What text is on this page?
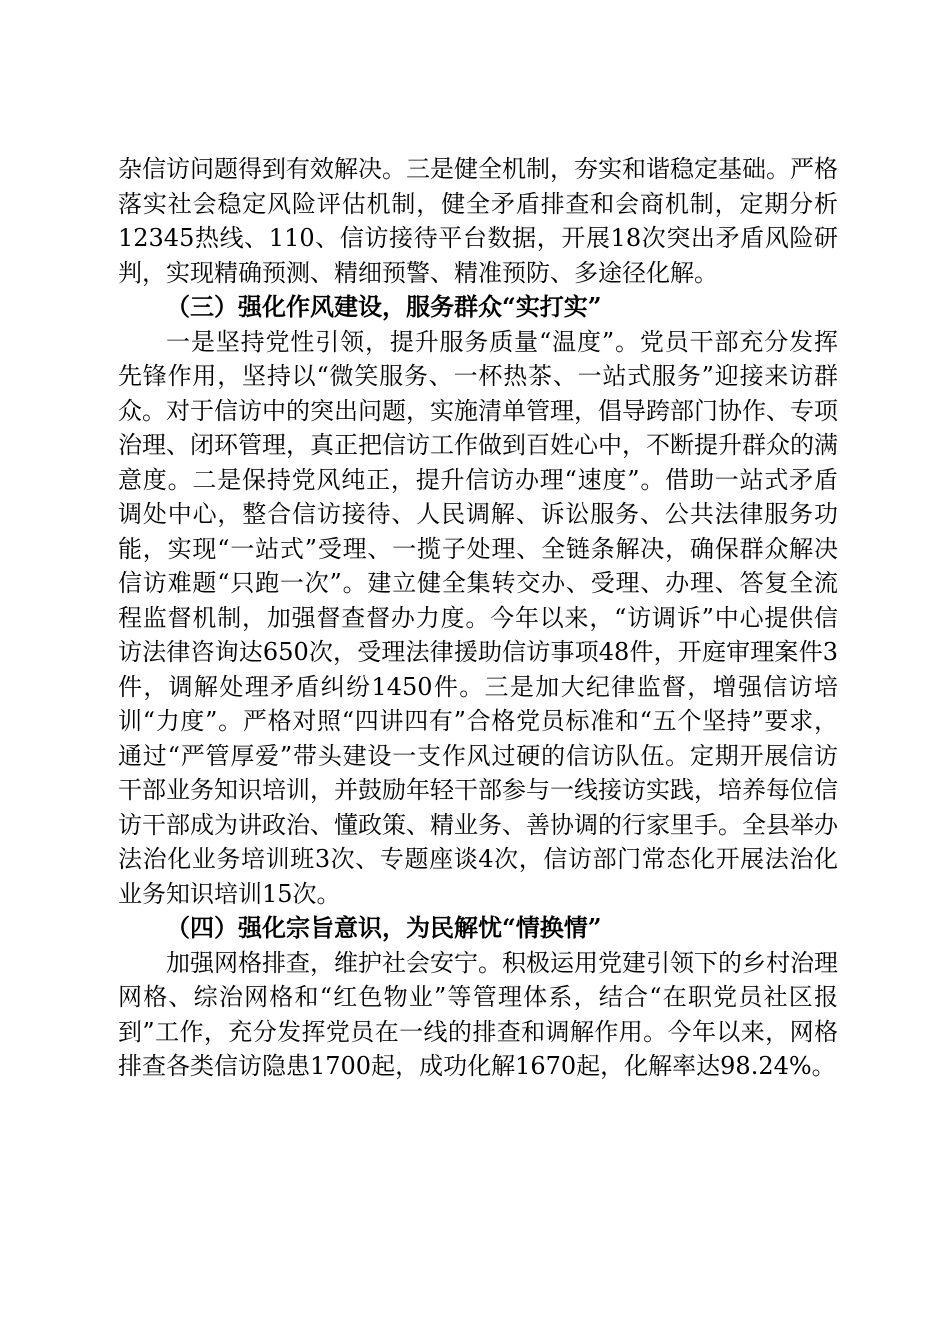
杂信访问题得到有效解决。三是健全机制，夯实和谐稳定基础。严格落实社会稳定风险评估机制，健全矛盾排查和会商机制，定期分析12345热线、110、信访接待平台数据，开展18次突出矛盾风险研判，实现精确预测、精细预警、精准预防、多途径化解。

（三）强化作风建设，服务群众“实打实”

一是坚持党性引领，提升服务质量“温度”。党员干部充分发挥先锋作用，坚持以“微笑服务、一杯热茶、一站式服务”迎接来访群众。对于信访中的突出问题，实施清单管理，倡导跨部门协作、专项治理、闭环管理，真正把信访工作做到百姓心中，不断提升群众的满意度。二是保持党风纯正，提升信访办理“速度”。借助一站式矛盾调处中心，整合信访接待、人民调解、诉讼服务、公共法律服务功能，实现“一站式”受理、一揽子处理、全链条解决，确保群众解决信访难题“只跑一次”。建立健全集转交办、受理、办理、答复全流程监督机制，加强督查督办力度。今年以来，“访调诉”中心提供信访法律咨询达650次，受理法律援助信访事项48件，开庭审理案件3件，调解处理矛盾纠纷1450件。三是加大纪律监督，增强信访培训“力度”。严格对照“四讲四有”合格党员标准和“五个坚持”要求，通过“严管厚爱”带头建设一支作风过硬的信访队伍。定期开展信访干部业务知识培训，并鼓励年轻干部参与一线接访实践，培养每位信访干部成为讲政治、懂政策、精业务、善协调的行家里手。全县举办法治化业务培训班3次、专题座谈4次，信访部门常态化开展法治化业务知识培训15次。

（四）强化宗旨意识，为民解忧“情换情”

加强网格排查，维护社会安宁。积极运用党建引领下的乡村治理网格、综治网格和“红色物业”等管理体系，结合“在职党员社区报到”工作，充分发挥党员在一线的排查和调解作用。今年以来，网格排查各类信访隐患1700起，成功化解1670起，化解率达98.24%。
